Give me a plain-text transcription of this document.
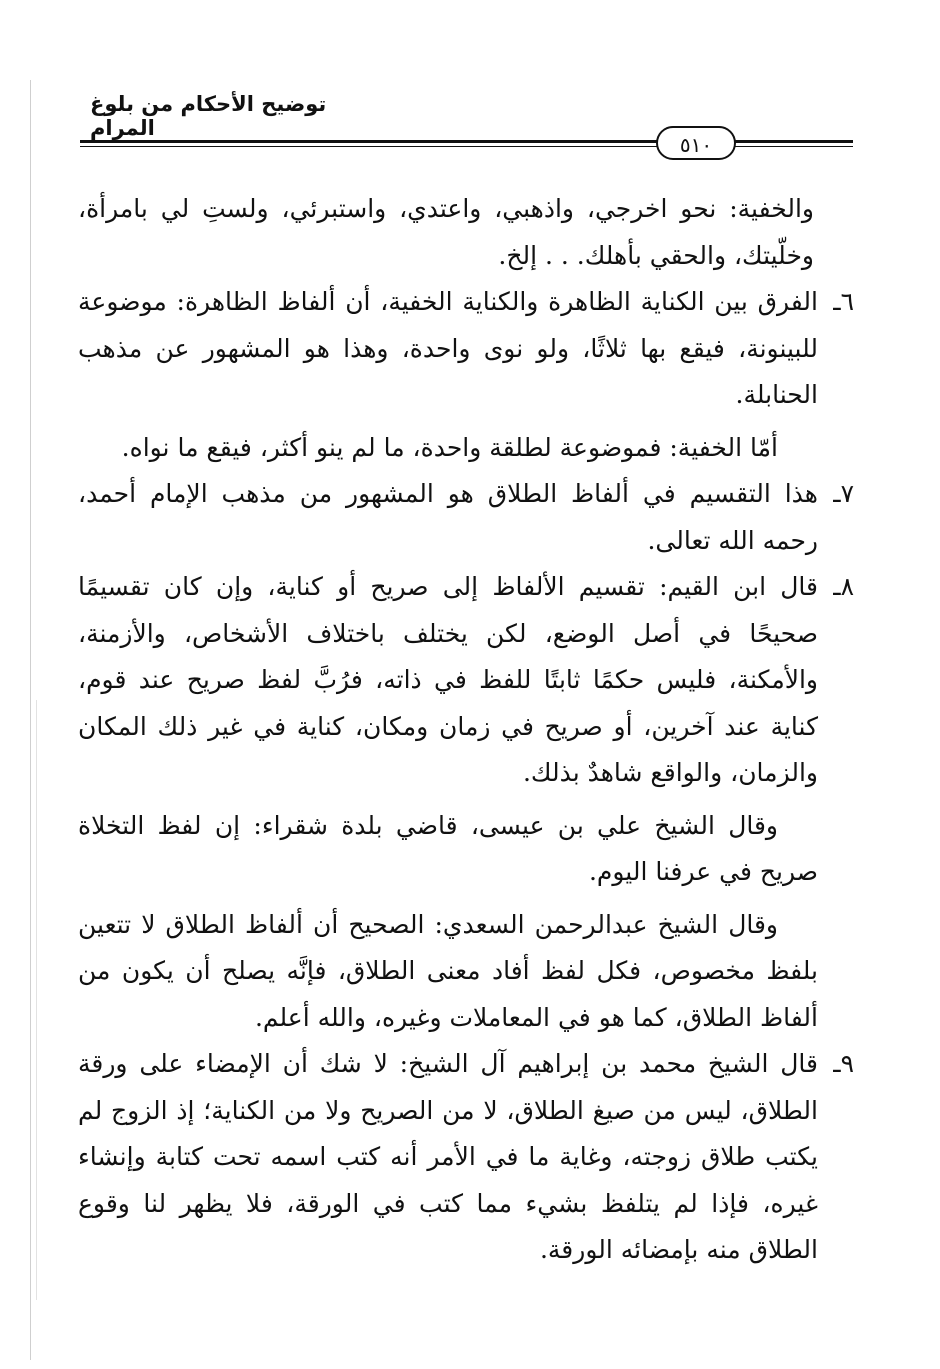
توضيح الأحكام من بلوغ المرام
٥١٠

والخفية: نحو اخرجي، واذهبي، واعتدي، واستبرئي، ولستِ لي بامرأة، وخلّيتك، والحقي بأهلك. . . إلخ.

٦ـ
الفرق بين الكناية الظاهرة والكناية الخفية، أن ألفاظ الظاهرة: موضوعة للبينونة، فيقع بها ثلاثًا، ولو نوى واحدة، وهذا هو المشهور عن مذهب الحنابلة.

أمّا الخفية: فموضوعة لطلقة واحدة، ما لم ينو أكثر، فيقع ما نواه.

٧ـ
هذا التقسيم في ألفاظ الطلاق هو المشهور من مذهب الإمام أحمد، رحمه الله تعالى.
٨ـ
قال ابن القيم: تقسيم الألفاظ إلى صريح أو كناية، وإن كان تقسيمًا صحيحًا في أصل الوضع، لكن يختلف باختلاف الأشخاص، والأزمنة، والأمكنة، فليس حكمًا ثابتًا للفظ في ذاته، فرُبَّ لفظ صريح عند قوم، كناية عند آخرين، أو صريح في زمان ومكان، كناية في غير ذلك المكان والزمان، والواقع شاهدٌ بذلك.

وقال الشيخ علي بن عيسى، قاضي بلدة شقراء: إن لفظ التخلاة صريح في عرفنا اليوم.

وقال الشيخ عبدالرحمن السعدي: الصحيح أن ألفاظ الطلاق لا تتعين بلفظ مخصوص، فكل لفظ أفاد معنى الطلاق، فإنَّه يصلح أن يكون من ألفاظ الطلاق، كما هو في المعاملات وغيره، والله أعلم.

٩ـ
قال الشيخ محمد بن إبراهيم آل الشيخ: لا شك أن الإمضاء على ورقة الطلاق، ليس من صيغ الطلاق، لا من الصريح ولا من الكناية؛ إذ الزوج لم يكتب طلاق زوجته، وغاية ما في الأمر أنه كتب اسمه تحت كتابة وإنشاء غيره، فإذا لم يتلفظ بشيء مما كتب في الورقة، فلا يظهر لنا وقوع الطلاق منه بإمضائه الورقة.
